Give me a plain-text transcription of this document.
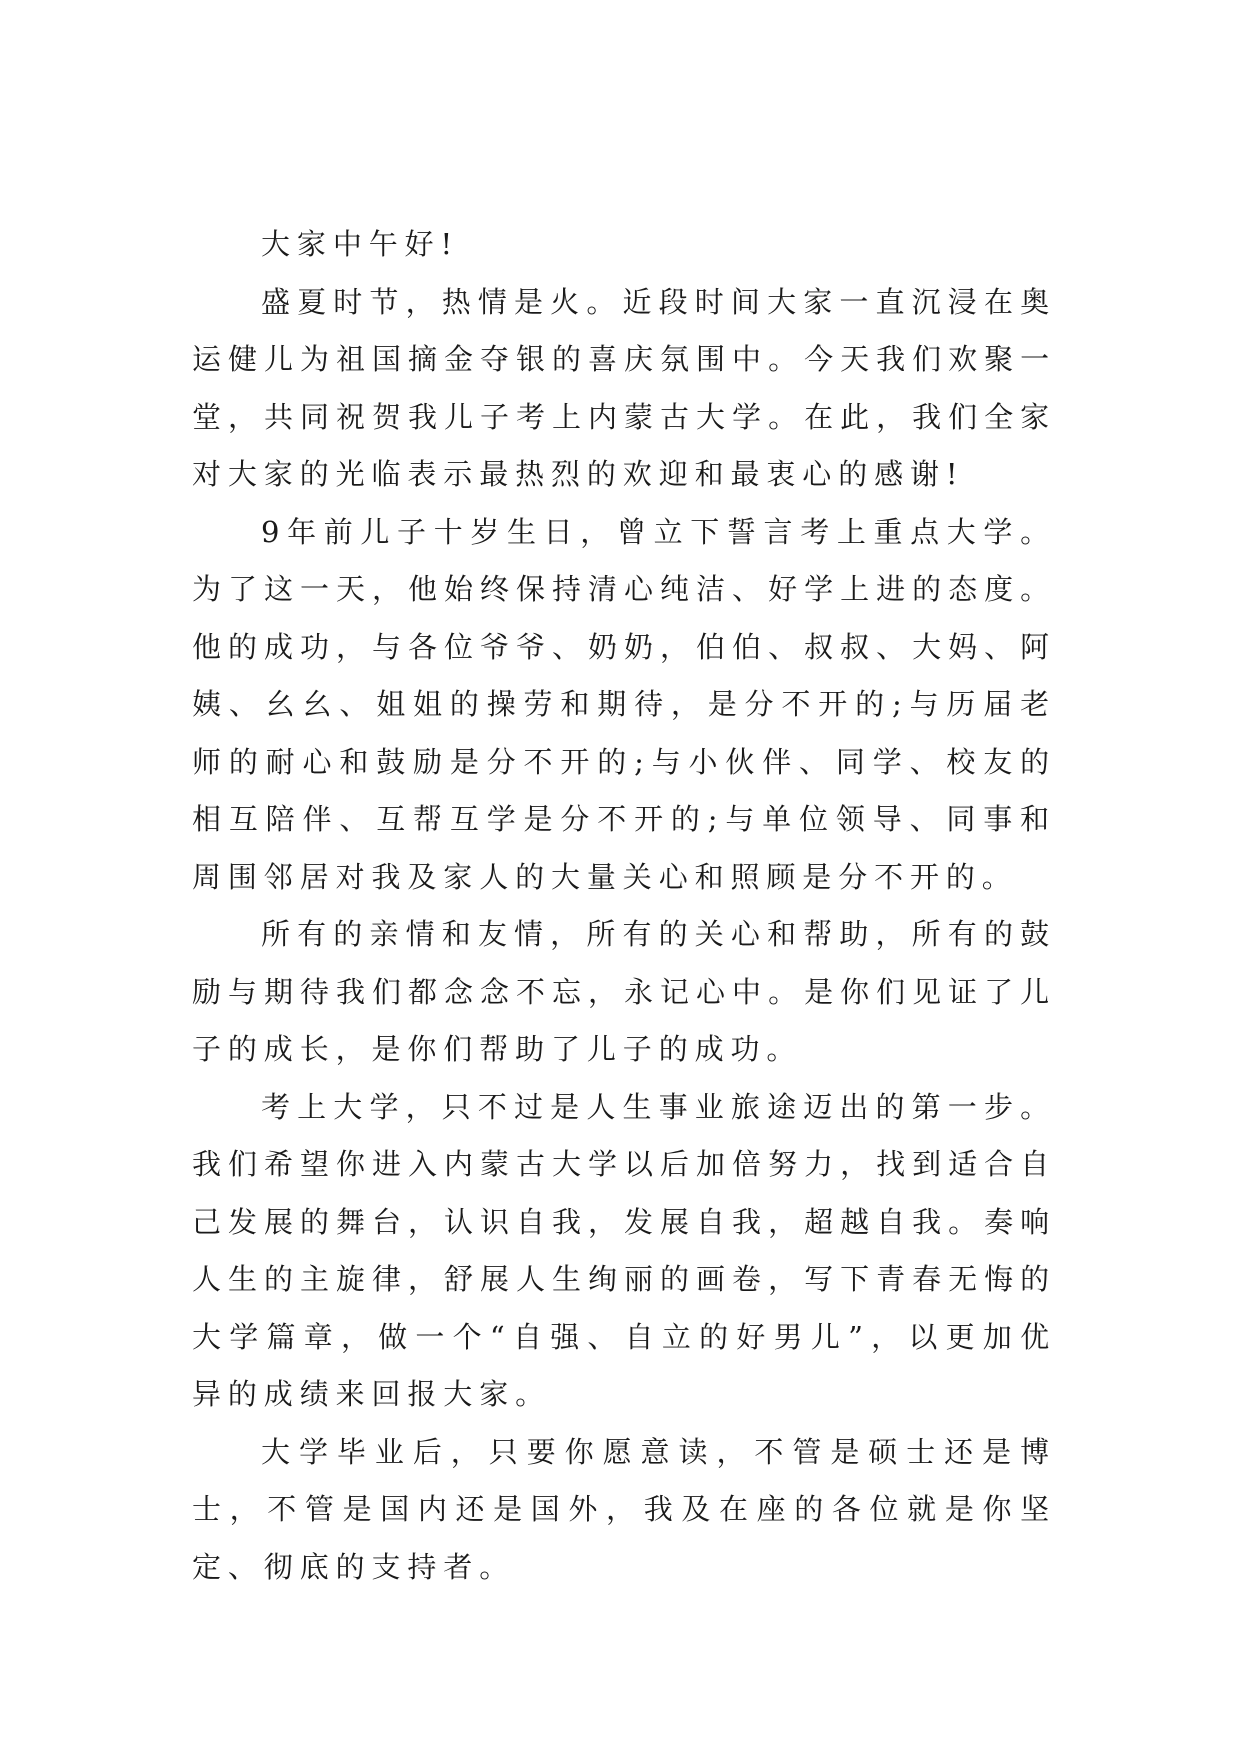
大家中午好!

盛夏时节，热情是火。近段时间大家一直沉浸在奥运健儿为祖国摘金夺银的喜庆氛围中。今天我们欢聚一堂，共同祝贺我儿子考上内蒙古大学。在此，我们全家对大家的光临表示最热烈的欢迎和最衷心的感谢!

9年前儿子十岁生日，曾立下誓言考上重点大学。为了这一天，他始终保持清心纯洁、好学上进的态度。他的成功，与各位爷爷、奶奶，伯伯、叔叔、大妈、阿姨、幺幺、姐姐的操劳和期待，是分不开的;与历届老师的耐心和鼓励是分不开的;与小伙伴、同学、校友的相互陪伴、互帮互学是分不开的;与单位领导、同事和周围邻居对我及家人的大量关心和照顾是分不开的。

所有的亲情和友情，所有的关心和帮助，所有的鼓励与期待我们都念念不忘，永记心中。是你们见证了儿子的成长，是你们帮助了儿子的成功。

考上大学，只不过是人生事业旅途迈出的第一步。我们希望你进入内蒙古大学以后加倍努力，找到适合自己发展的舞台，认识自我，发展自我，超越自我。奏响人生的主旋律，舒展人生绚丽的画卷，写下青春无悔的大学篇章，做一个“自强、自立的好男儿”，以更加优异的成绩来回报大家。

大学毕业后，只要你愿意读，不管是硕士还是博士，不管是国内还是国外，我及在座的各位就是你坚定、彻底的支持者。
